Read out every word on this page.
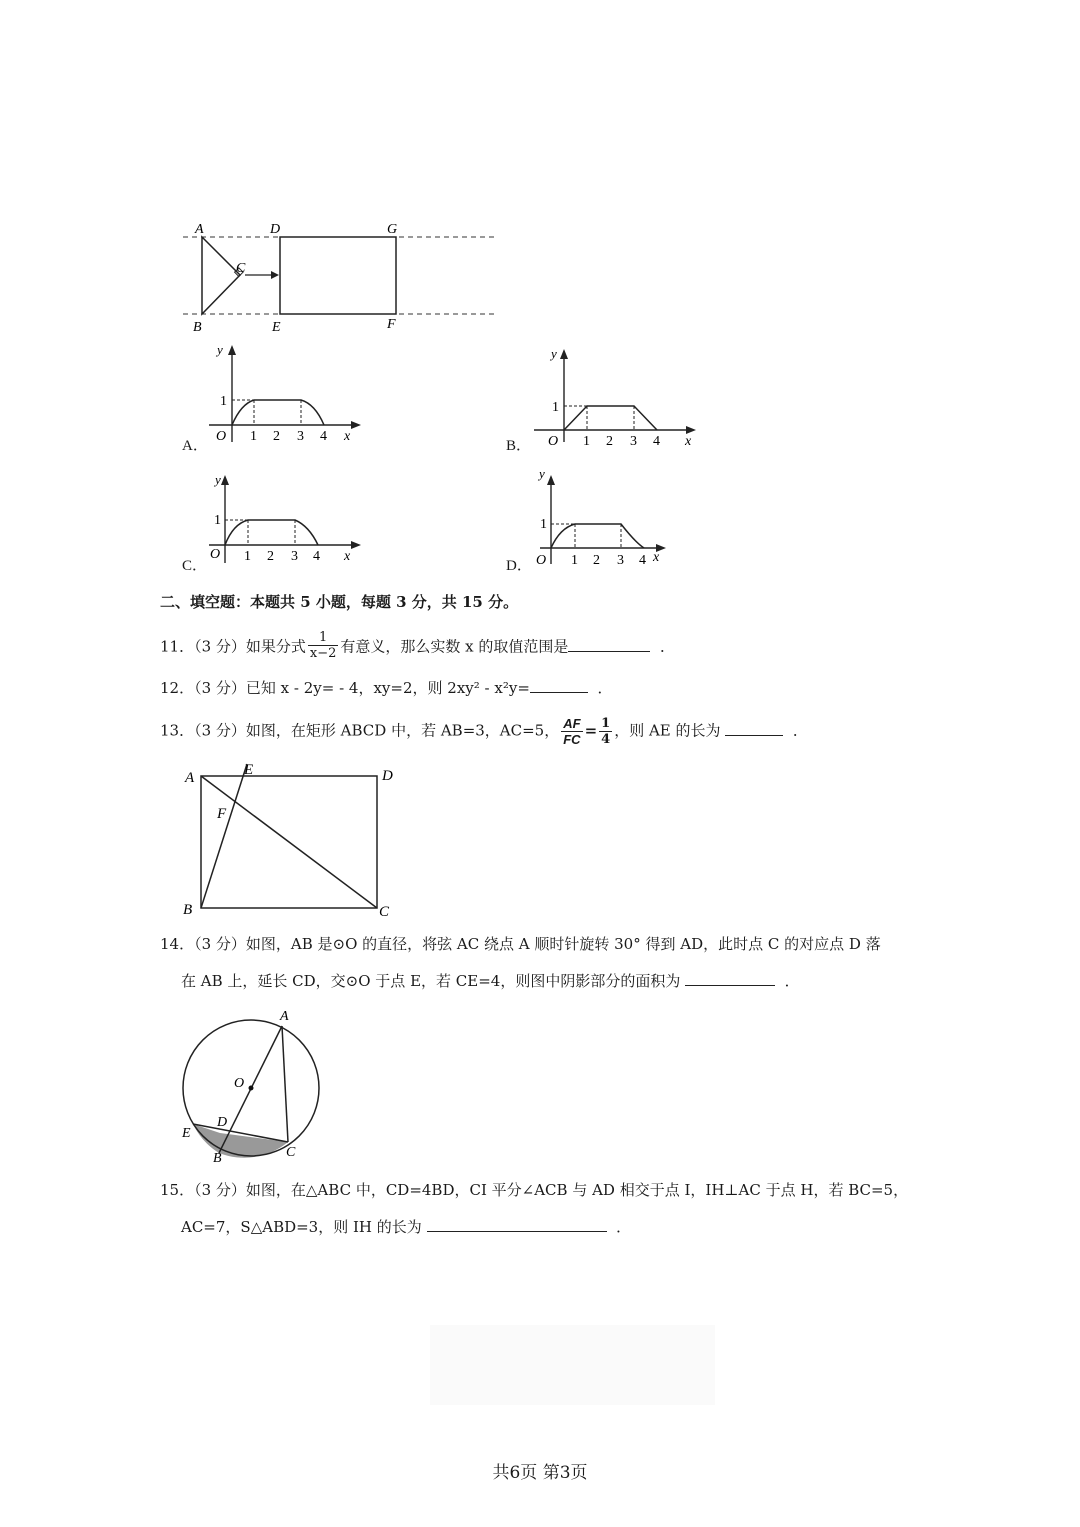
A
B
C
D
E
G
F
A．
y
1
O 1 2 3 4 x
B．
y
1
O 1 2 3 4 x
C．
y
1
O 1 2 3 4 x
D．
y
1
O 1 2 3 4 x
二、填空题：本题共 5 小题，每题 3 分，共 15 分。
11．（3 分）如果分式 $\frac{1}{x-2}$ 有意义，那么实数 x 的取值范围是	．
12．（3 分）已知 x - 2y= - 4，xy=2，则 2xy² - x²y=	．
13．（3 分）如图，在矩形 ABCD 中，若 AB=3，AC=5， $\frac{AF}{FC} = \frac{1}{4}$ ，则 AE 的长为	．
A	E	D
F
B	C
14．（3 分）如图，AB 是⊙O 的直径，将弦 AC 绕点 A 顺时针旋转 30° 得到 AD，此时点 C 的对应点 D 落
在 AB 上，延长 CD，交⊙O 于点 E，若 CE=4，则图中阴影部分的面积为	．
A
O
D
E
B	C
15．（3 分）如图，在△ABC 中，CD=4BD，CI 平分∠ACB 与 AD 相交于点 I，IH⊥AC 于点 H，若 BC=5，
AC=7，S△ABD=3，则 IH 的长为	．
共6页 第3页
